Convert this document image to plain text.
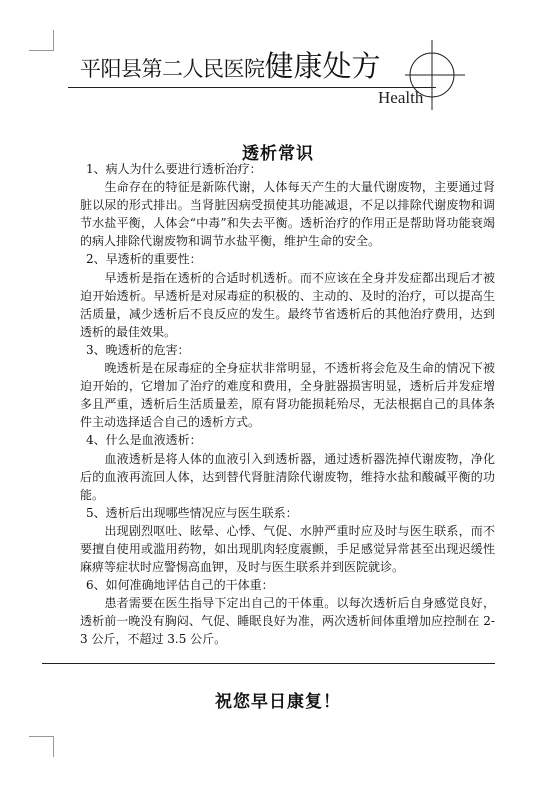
平阳县第二人民医院健康处方
Health
透析常识

1、病人为什么要进行透析治疗：

　　生命存在的特征是新陈代谢，人体每天产生的大量代谢废物，主要通过肾脏以尿的形式排出。当肾脏因病受损使其功能减退，不足以排除代谢废物和调节水盐平衡，人体会“中毒”和失去平衡。透析治疗的作用正是帮助肾功能衰竭的病人排除代谢废物和调节水盐平衡，维护生命的安全。

2、早透析的重要性：

　　早透析是指在透析的合适时机透析。而不应该在全身并发症都出现后才被迫开始透析。早透析是对尿毒症的积极的、主动的、及时的治疗，可以提高生活质量，减少透析后不良反应的发生。最终节省透析后的其他治疗费用，达到透析的最佳效果。

3、晚透析的危害：

　　晚透析是在尿毒症的全身症状非常明显，不透析将会危及生命的情况下被迫开始的，它增加了治疗的难度和费用，全身脏器损害明显，透析后并发症增多且严重，透析后生活质量差，原有肾功能损耗殆尽，无法根据自己的具体条件主动选择适合自己的透析方式。

4、什么是血液透析：

　　血液透析是将人体的血液引入到透析器，通过透析器洗掉代谢废物，净化后的血液再流回人体，达到替代肾脏清除代谢废物，维持水盐和酸碱平衡的功能。

5、透析后出现哪些情况应与医生联系：

　　出现剧烈呕吐、眩晕、心悸、气促、水肿严重时应及时与医生联系，而不要擅自使用或滥用药物，如出现肌肉轻度震颤，手足感觉异常甚至出现迟缓性麻痹等症状时应警惕高血钾，及时与医生联系并到医院就诊。

6、如何准确地评估自己的干体重：

　　患者需要在医生指导下定出自己的干体重。以每次透析后自身感觉良好，透析前一晚没有胸闷、气促、睡眠良好为准，两次透析间体重增加应控制在 2-3 公斤，不超过 3.5 公斤。

祝您早日康复！
